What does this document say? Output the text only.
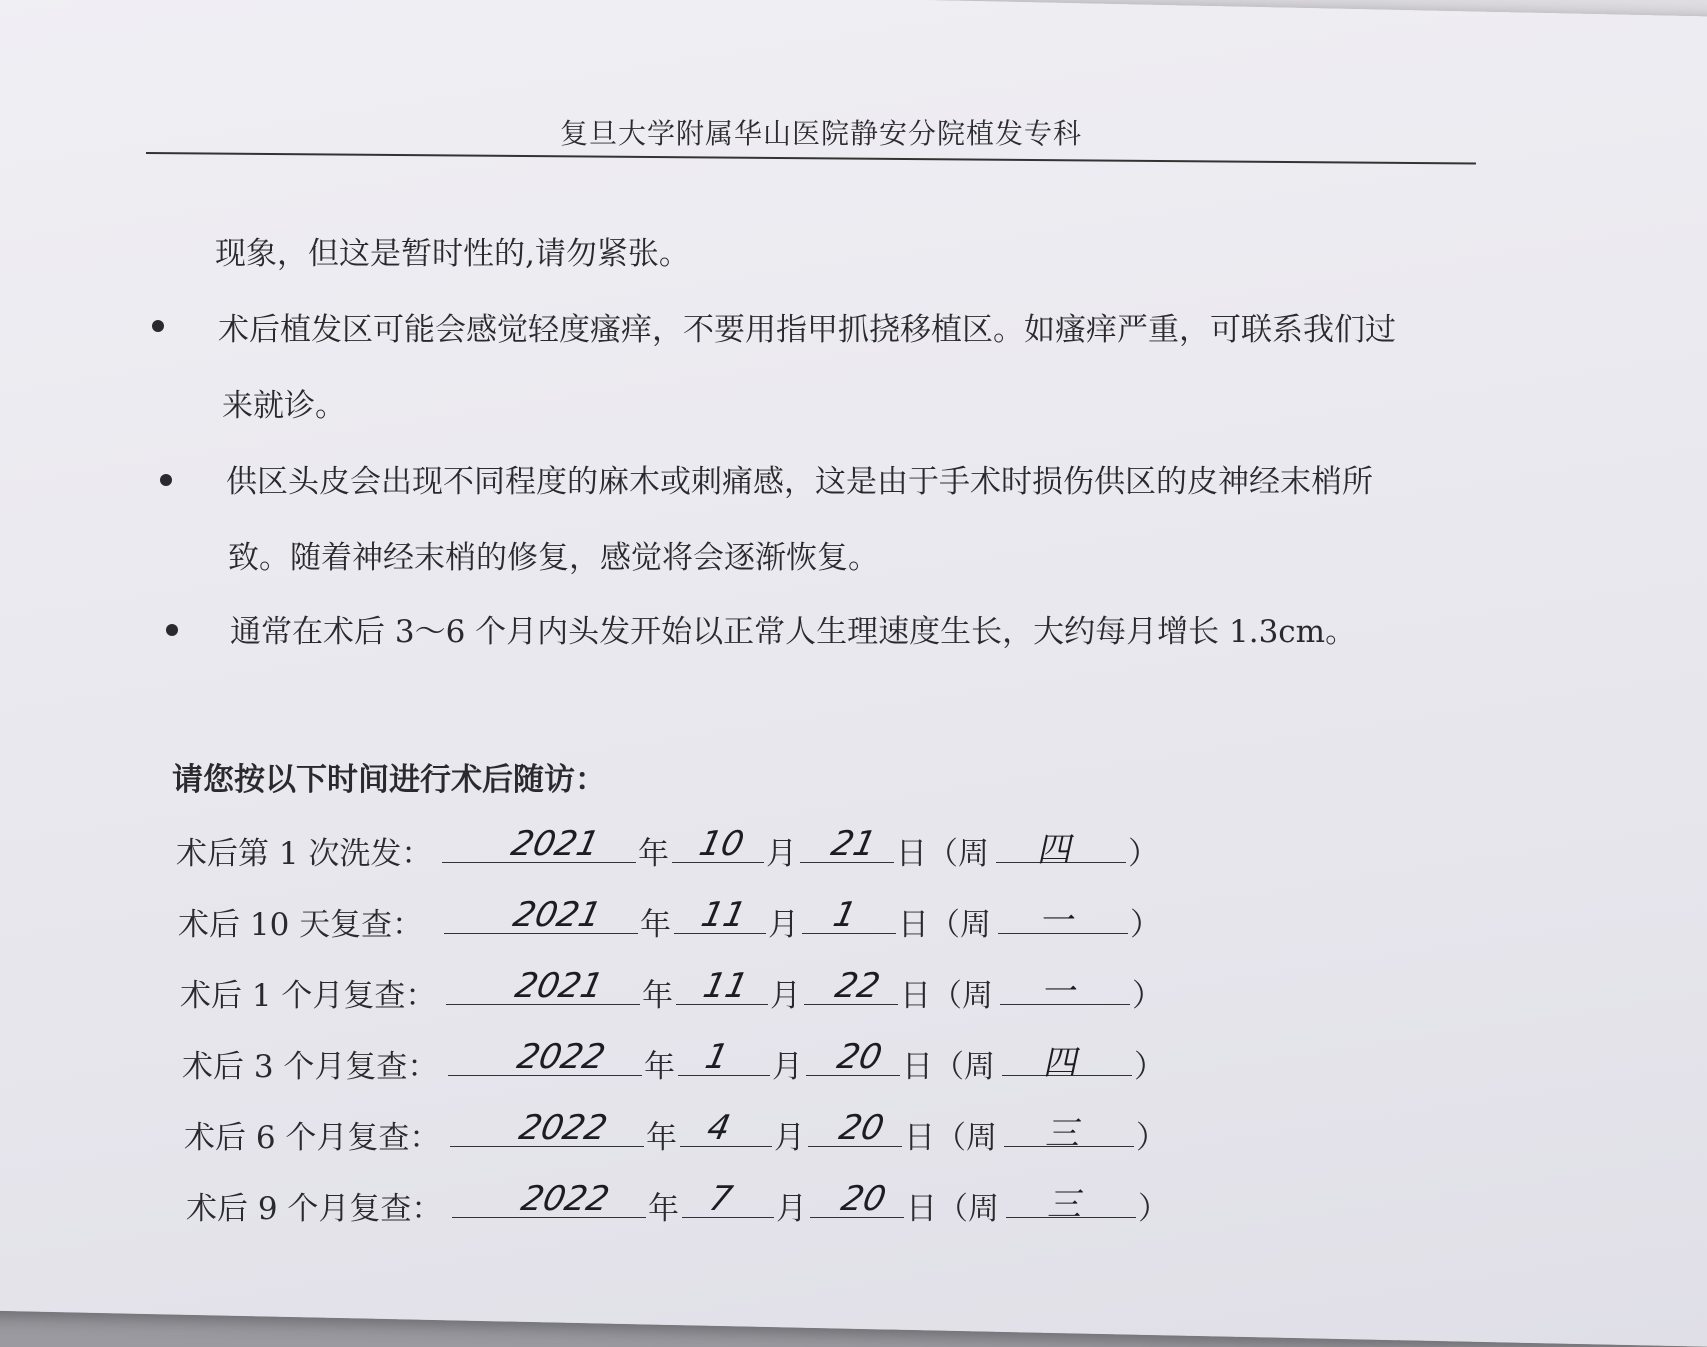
复旦大学附属华山医院静安分院植发专科
现象，但这是暂时性的,请勿紧张。
术后植发区可能会感觉轻度瘙痒，不要用指甲抓挠移植区。如瘙痒严重，可联系我们过
来就诊。
供区头皮会出现不同程度的麻木或刺痛感，这是由于手术时损伤供区的皮神经末梢所
致。随着神经末梢的修复，感觉将会逐渐恢复。
通常在术后 3～6 个月内头发开始以正常人生理速度生长，大约每月增长 1.3cm。
请您按以下时间进行术后随访：
术后第 1 次洗发： 2021 年 10 月 21 日（周 四 ）
术后 10 天复查：	2021 年 11 月 1 日（周 一 ）
术后 1 个月复查： 2021 年 11 月 22 日（周 一 ）
术后 3 个月复查： 2022 年 1 月 20 日（周 四 ）
术后 6 个月复查： 2022 年 4 月 20 日（周 三 ）
术后 9 个月复查： 2022 年 7 月 20 日（周 三 ）
